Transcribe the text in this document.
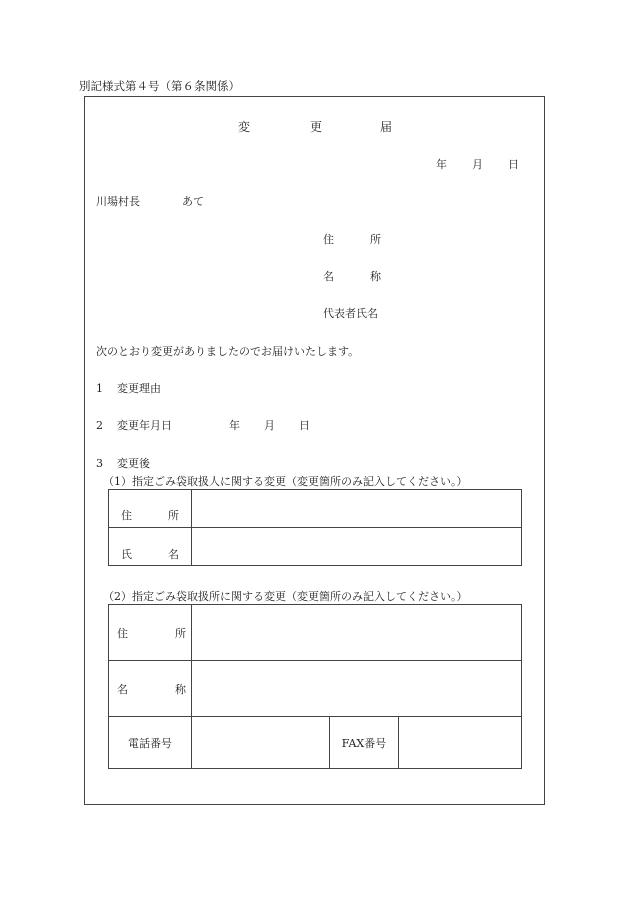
別記様式第４号（第６条関係）
変	更	届
年 月 日
川場村長	あて
住	所
名	称
代表者氏名
次のとおり変更がありましたのでお届けいたします。
1 変更理由
2 変更年月日	年 月 日
3 変更後
（1）指定ごみ袋取扱人に関する変更（変更箇所のみ記入してください。）
住 所	

氏 名	

（2）指定ごみ袋取扱所に関する変更（変更箇所のみ記入してください。）
住 所			

名 称			

電話番号		FAX番号	
